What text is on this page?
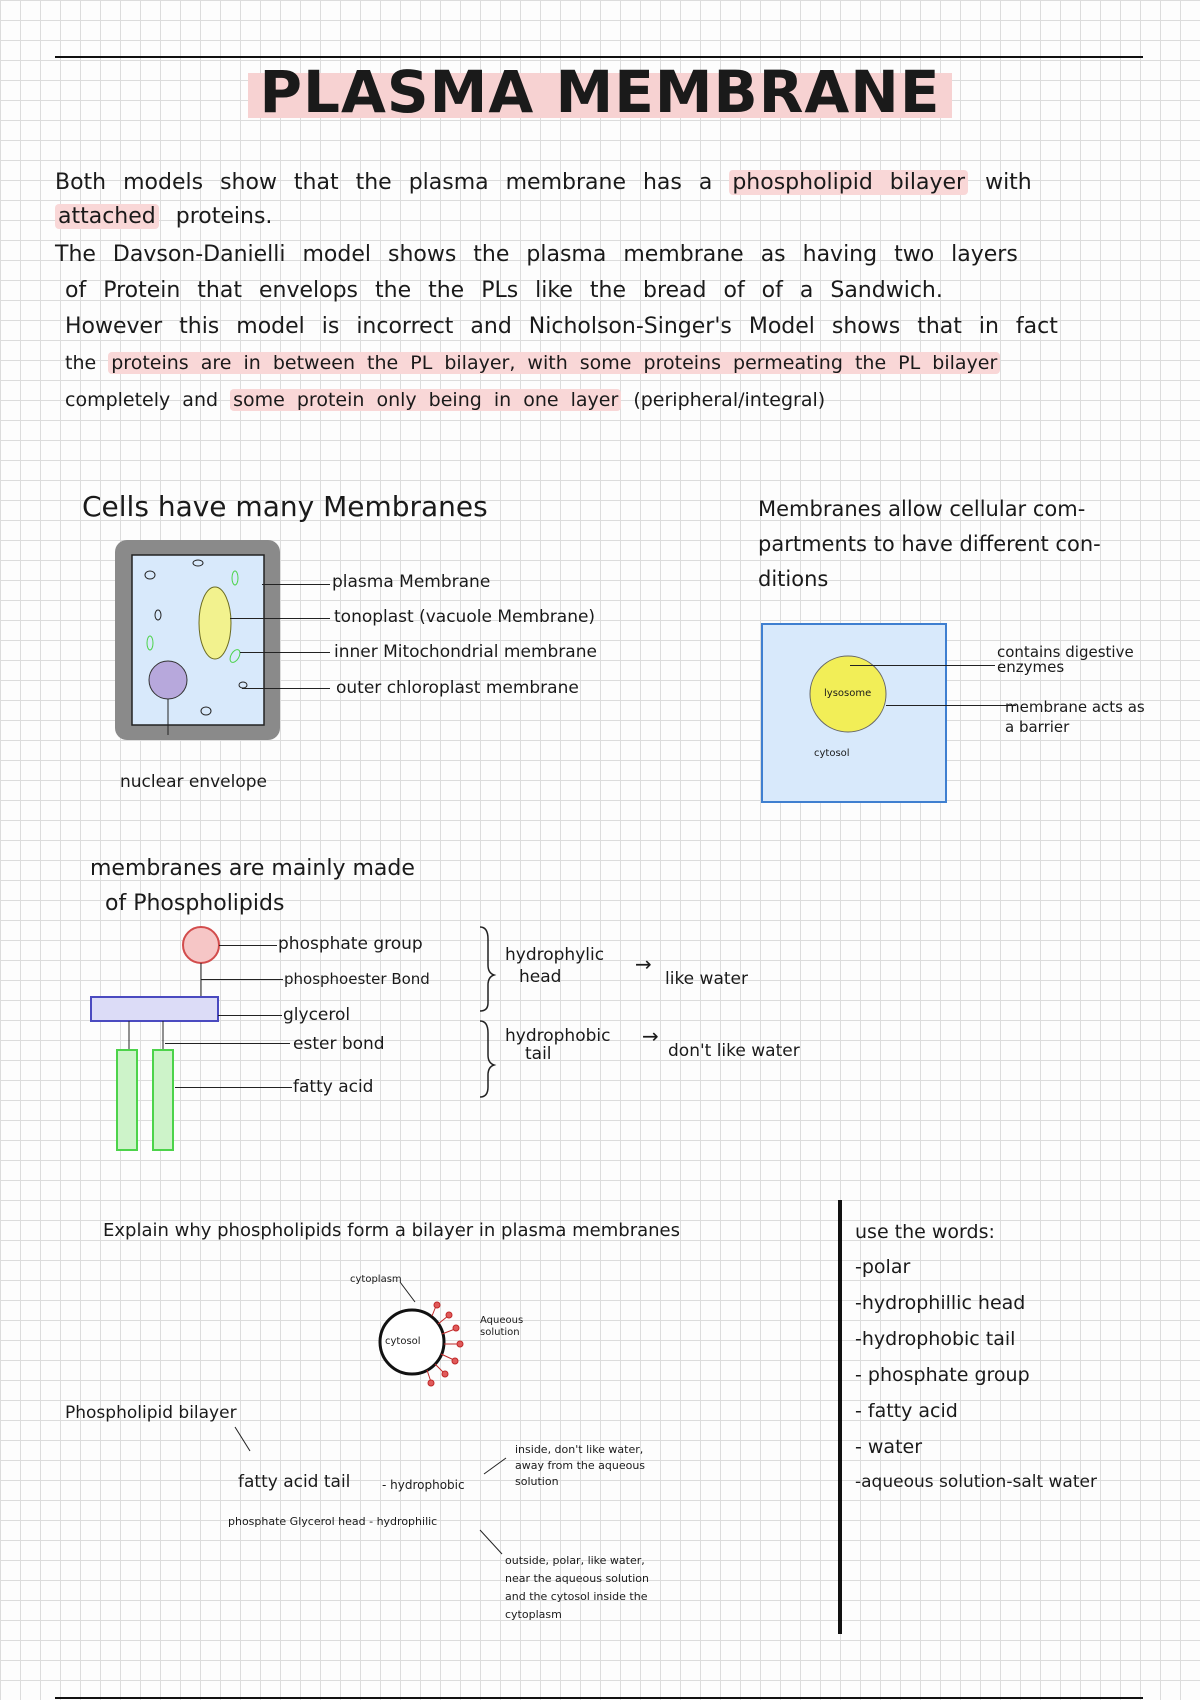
PLASMA MEMBRANE
Both models show that the plasma membrane has a phospholipid bilayer with
attached proteins.
The Davson-Danielli model shows the plasma membrane as having two layers
of Protein that envelops the the PLs like the bread of of a Sandwich.
However this model is incorrect and Nicholson-Singer's Model shows that in fact
the proteins are in between the PL bilayer, with some proteins permeating the PL bilayer
completely and some protein only being in one layer (peripheral/integral)
Cells have many Membranes
plasma Membrane
tonoplast (vacuole Membrane)
inner Mitochondrial membrane
outer chloroplast membrane
nuclear envelope
Membranes allow cellular com-
partments to have different con-
ditions
lysosome
cytosol
contains digestive
enzymes
membrane acts as
a barrier
membranes are mainly made
of Phospholipids
phosphate group
phosphoester Bond
glycerol
ester bond
fatty acid
hydrophylic
head
→
like water
hydrophobic
tail
→
don't like water
Explain why phospholipids form a bilayer in plasma membranes
cytoplasm
cytosol
Aqueous
solution
Phospholipid bilayer
fatty acid tail	- hydrophobic
inside, don't like water,
away from the aqueous
solution
phosphate Glycerol head - hydrophilic
outside, polar, like water,
near the aqueous solution
and the cytosol inside the
cytoplasm
use the words:
-polar
-hydrophillic head
-hydrophobic tail
- phosphate group
- fatty acid
- water
-aqueous solution-salt water
